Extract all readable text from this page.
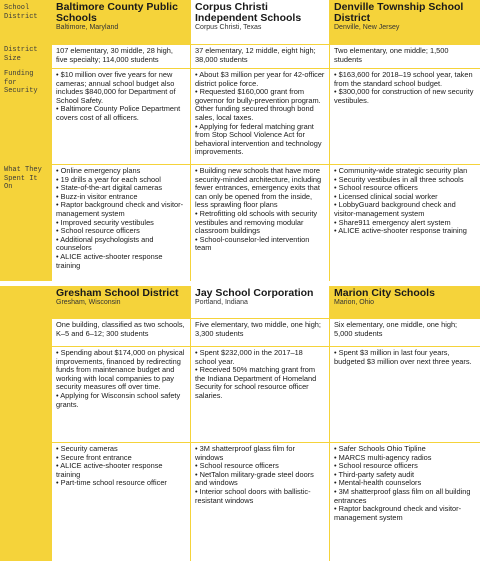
School District
District Size
Funding for Security
What They Spent It On
Baltimore County Public Schools
Baltimore, Maryland
107 elementary, 30 middle, 28 high, five specialty; 114,000 students
• $10 million over five years for new cameras; annual school budget also includes $840,000 for Department of School Safety.
• Baltimore County Police Department covers cost of all officers.
• Online emergency plans
• 19 drills a year for each school
• State-of-the-art digital cameras
• Buzz-in visitor entrance
• Raptor background check and visitor-management system
• Improved security vestibules
• School resource officers
• Additional psychologists and counselors
• ALICE active-shooter response training
Corpus Christi Independent Schools
Corpus Christi, Texas
37 elementary, 12 middle, eight high; 38,000 students
• About $3 million per year for 42-officer district police force.
• Requested $160,000 grant from governor for bully-prevention program. Other funding secured through bond sales, local taxes.
• Applying for federal matching grant from Stop School Violence Act for behavioral intervention and technology improvements.
• Building new schools that have more security-minded architecture, including fewer entrances, emergency exits that can only be opened from the inside, less sprawling floor plans
• Retrofitting old schools with security vestibules and removing modular classroom buildings
• School-counselor-led intervention team
Denville Township School District
Denville, New Jersey
Two elementary, one middle; 1,500 students
• $163,600 for 2018–19 school year, taken from the standard school budget.
• $300,000 for construction of new security vestibules.
• Community-wide strategic security plan
• Security vestibules in all three schools
• School resource officers
• Licensed clinical social worker
• LobbyGuard background check and visitor-management system
• Share911 emergency alert system
• ALICE active-shooter response training
Gresham School District
Gresham, Wisconsin
One building, classified as two schools, K–5 and 6–12; 300 students
• Spending about $174,000 on physical improvements, financed by redirecting funds from maintenance budget and working with local companies to pay security measures off over time.
• Applying for Wisconsin school safety grants.
• Security cameras
• Secure front entrance
• ALICE active-shooter response training
• Part-time school resource officer
Jay School Corporation
Portland, Indiana
Five elementary, two middle, one high; 3,300 students
• Spent $232,000 in the 2017–18 school year.
• Received 50% matching grant from the Indiana Department of Homeland Security for school resource officer salaries.
• 3M shatterproof glass film for windows
• School resource officers
• NetTalon military-grade steel doors and windows
• Interior school doors with ballistic-resistant windows
Marion City Schools
Marion, Ohio
Six elementary, one middle, one high; 5,000 students
• Spent $3 million in last four years, budgeted $3 million over next three years.
• Safer Schools Ohio Tipline
• MARCS multi-agency radios
• School resource officers
• Third-party safety audit
• Mental-health counselors
• 3M shatterproof glass film on all building entrances
• Raptor background check and visitor-management system
